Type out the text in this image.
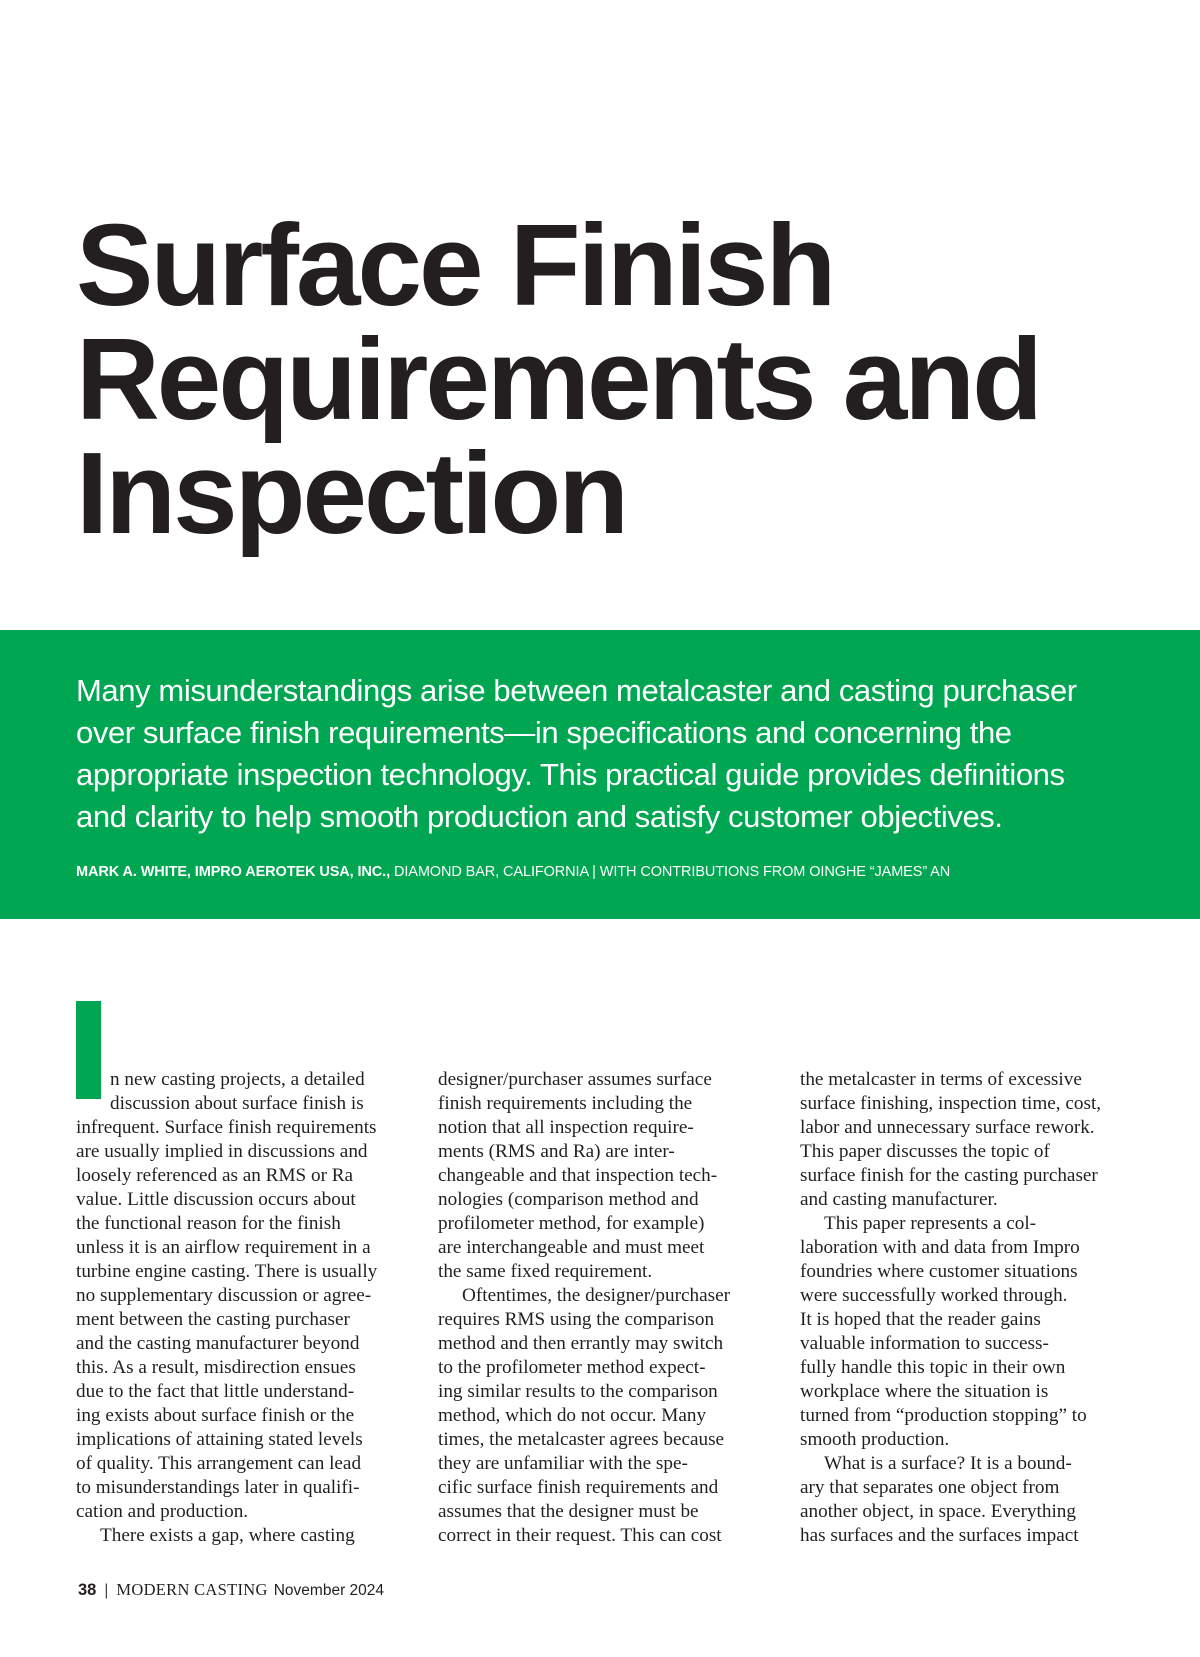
Surface Finish
Requirements and
Inspection

Many misunderstandings arise between metalcaster and casting purchaser
over surface finish requirements—in specifications and concerning the
appropriate inspection technology. This practical guide provides definitions
and clarity to help smooth production and satisfy customer objectives.

MARK A. WHITE, IMPRO AEROTEK USA, INC., DIAMOND BAR, CALIFORNIA | WITH CONTRIBUTIONS FROM OINGHE “JAMES” AN
n new casting projects, a detailed
discussion about surface finish is
infrequent. Surface finish requirements
are usually implied in discussions and
loosely referenced as an RMS or Ra
value. Little discussion occurs about
the functional reason for the finish
unless it is an airflow requirement in a
turbine engine casting. There is usually
no supplementary discussion or agree-
ment between the casting purchaser
and the casting manufacturer beyond
this. As a result, misdirection ensues
due to the fact that little understand-
ing exists about surface finish or the
implications of attaining stated levels
of quality. This arrangement can lead
to misunderstandings later in qualifi-
cation and production.
There exists a gap, where casting
designer/purchaser assumes surface
finish requirements including the
notion that all inspection require-
ments (RMS and Ra) are inter-
changeable and that inspection tech-
nologies (comparison method and
profilometer method, for example)
are interchangeable and must meet
the same fixed requirement.
Oftentimes, the designer/purchaser
requires RMS using the comparison
method and then errantly may switch
to the profilometer method expect-
ing similar results to the comparison
method, which do not occur. Many
times, the metalcaster agrees because
they are unfamiliar with the spe-
cific surface finish requirements and
assumes that the designer must be
correct in their request. This can cost
the metalcaster in terms of excessive
surface finishing, inspection time, cost,
labor and unnecessary surface rework.
This paper discusses the topic of
surface finish for the casting purchaser
and casting manufacturer.
This paper represents a col-
laboration with and data from Impro
foundries where customer situations
were successfully worked through.
It is hoped that the reader gains
valuable information to success-
fully handle this topic in their own
workplace where the situation is
turned from “production stopping” to
smooth production.
What is a surface? It is a bound-
ary that separates one object from
another object, in space. Everything
has surfaces and the surfaces impact
38 | MODERN CASTING November 2024
